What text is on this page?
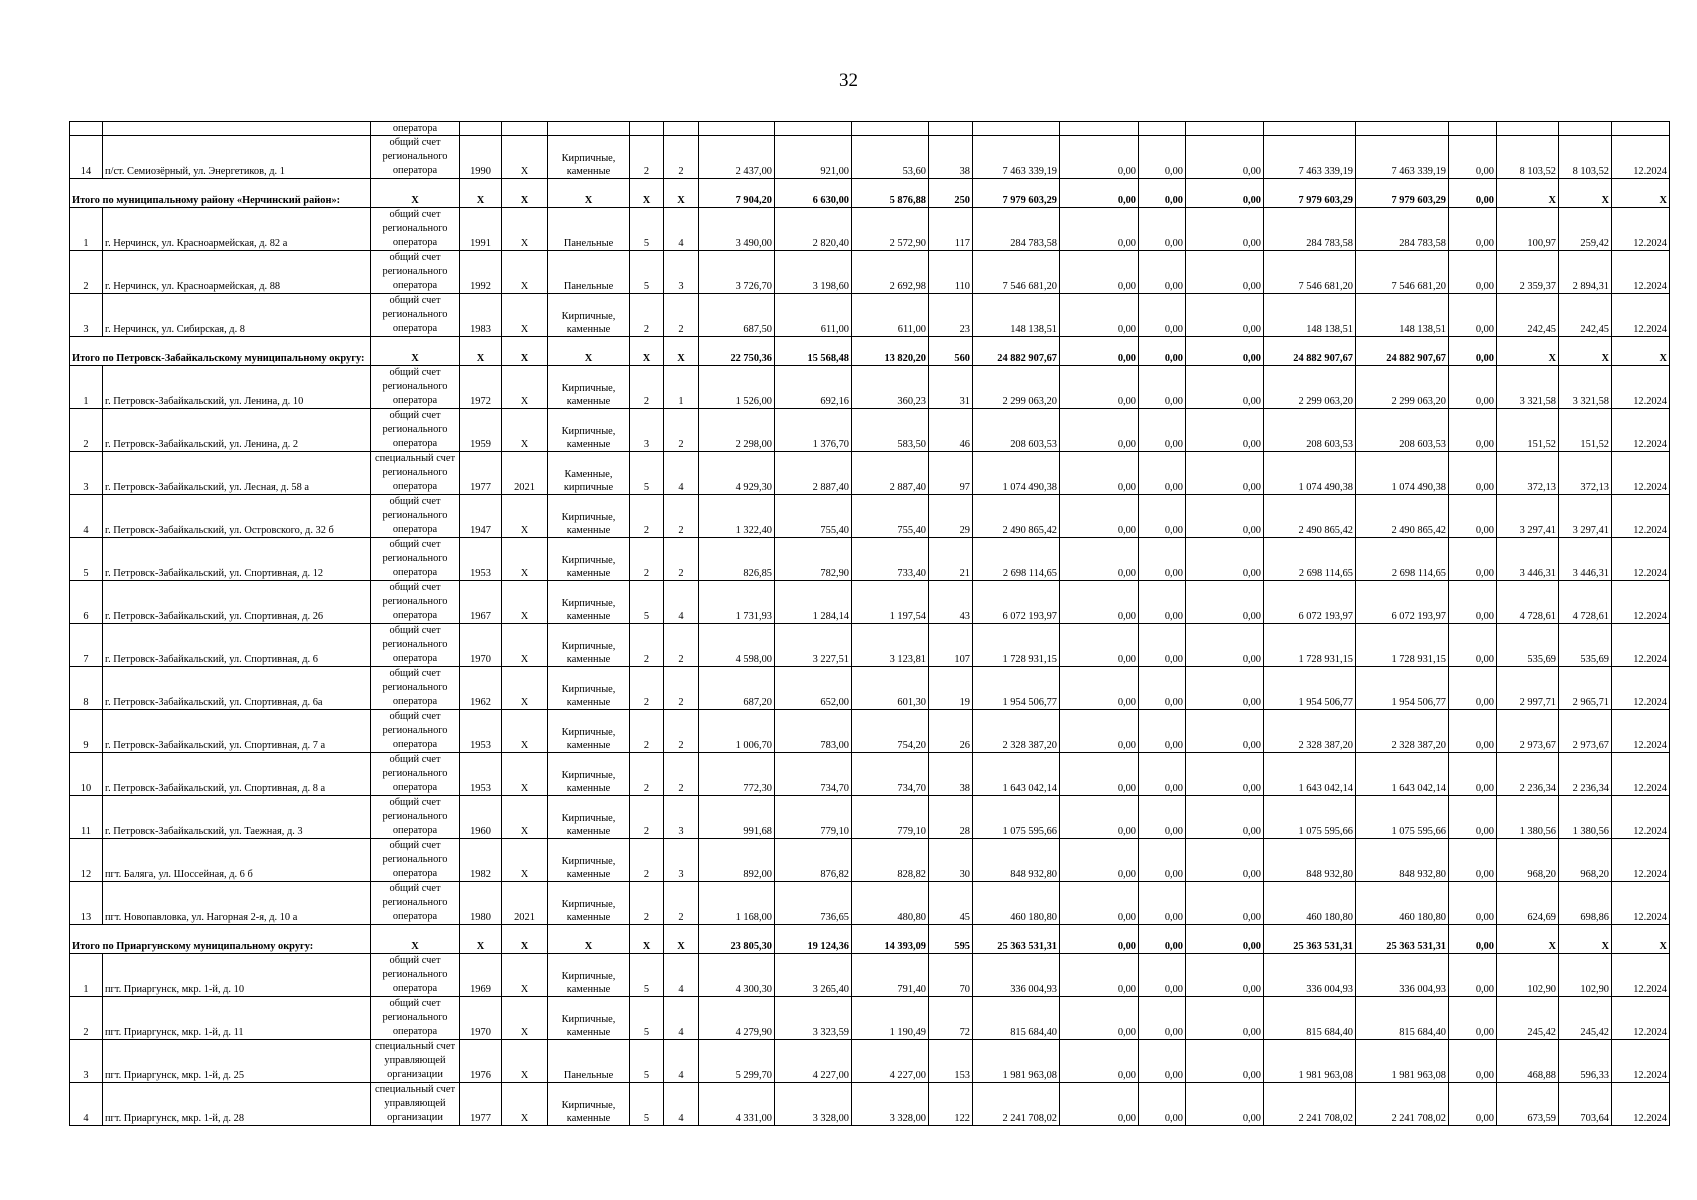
32
		оператора																			
14	п/ст. Семиозёрный, ул. Энергетиков, д. 1	общий счет регионального оператора	1990	Х	Кирпичные, каменные	2	2	2 437,00	921,00	53,60	38	7 463 339,19	0,00	0,00	0,00	7 463 339,19	7 463 339,19	0,00	8 103,52	8 103,52	12.2024
Итого по муниципальному району «Нерчинский район»:		Х	Х	Х	Х	Х	Х	7 904,20	6 630,00	5 876,88	250	7 979 603,29	0,00	0,00	0,00	7 979 603,29	7 979 603,29	0,00	Х	Х	Х
1	г. Нерчинск, ул. Красноармейская, д. 82 а	общий счет регионального оператора	1991	Х	Панельные	5	4	3 490,00	2 820,40	2 572,90	117	284 783,58	0,00	0,00	0,00	284 783,58	284 783,58	0,00	100,97	259,42	12.2024
2	г. Нерчинск, ул. Красноармейская, д. 88	общий счет регионального оператора	1992	Х	Панельные	5	3	3 726,70	3 198,60	2 692,98	110	7 546 681,20	0,00	0,00	0,00	7 546 681,20	7 546 681,20	0,00	2 359,37	2 894,31	12.2024
3	г. Нерчинск, ул. Сибирская, д. 8	общий счет регионального оператора	1983	Х	Кирпичные, каменные	2	2	687,50	611,00	611,00	23	148 138,51	0,00	0,00	0,00	148 138,51	148 138,51	0,00	242,45	242,45	12.2024
Итого по Петровск-Забайкальскому муниципальному округу:		Х	Х	Х	Х	Х	Х	22 750,36	15 568,48	13 820,20	560	24 882 907,67	0,00	0,00	0,00	24 882 907,67	24 882 907,67	0,00	Х	Х	Х
1	г. Петровск-Забайкальский, ул. Ленина, д. 10	общий счет регионального оператора	1972	Х	Кирпичные, каменные	2	1	1 526,00	692,16	360,23	31	2 299 063,20	0,00	0,00	0,00	2 299 063,20	2 299 063,20	0,00	3 321,58	3 321,58	12.2024
2	г. Петровск-Забайкальский, ул. Ленина, д. 2	общий счет регионального оператора	1959	Х	Кирпичные, каменные	3	2	2 298,00	1 376,70	583,50	46	208 603,53	0,00	0,00	0,00	208 603,53	208 603,53	0,00	151,52	151,52	12.2024
3	г. Петровск-Забайкальский, ул. Лесная, д. 58 а	специальный счет регионального оператора	1977	2021	Каменные, кирпичные	5	4	4 929,30	2 887,40	2 887,40	97	1 074 490,38	0,00	0,00	0,00	1 074 490,38	1 074 490,38	0,00	372,13	372,13	12.2024
4	г. Петровск-Забайкальский, ул. Островского, д. 32 б	общий счет регионального оператора	1947	Х	Кирпичные, каменные	2	2	1 322,40	755,40	755,40	29	2 490 865,42	0,00	0,00	0,00	2 490 865,42	2 490 865,42	0,00	3 297,41	3 297,41	12.2024
5	г. Петровск-Забайкальский, ул. Спортивная, д. 12	общий счет регионального оператора	1953	Х	Кирпичные, каменные	2	2	826,85	782,90	733,40	21	2 698 114,65	0,00	0,00	0,00	2 698 114,65	2 698 114,65	0,00	3 446,31	3 446,31	12.2024
6	г. Петровск-Забайкальский, ул. Спортивная, д. 26	общий счет регионального оператора	1967	Х	Кирпичные, каменные	5	4	1 731,93	1 284,14	1 197,54	43	6 072 193,97	0,00	0,00	0,00	6 072 193,97	6 072 193,97	0,00	4 728,61	4 728,61	12.2024
7	г. Петровск-Забайкальский, ул. Спортивная, д. 6	общий счет регионального оператора	1970	Х	Кирпичные, каменные	2	2	4 598,00	3 227,51	3 123,81	107	1 728 931,15	0,00	0,00	0,00	1 728 931,15	1 728 931,15	0,00	535,69	535,69	12.2024
8	г. Петровск-Забайкальский, ул. Спортивная, д. 6а	общий счет регионального оператора	1962	Х	Кирпичные, каменные	2	2	687,20	652,00	601,30	19	1 954 506,77	0,00	0,00	0,00	1 954 506,77	1 954 506,77	0,00	2 997,71	2 965,71	12.2024
9	г. Петровск-Забайкальский, ул. Спортивная, д. 7 а	общий счет регионального оператора	1953	Х	Кирпичные, каменные	2	2	1 006,70	783,00	754,20	26	2 328 387,20	0,00	0,00	0,00	2 328 387,20	2 328 387,20	0,00	2 973,67	2 973,67	12.2024
10	г. Петровск-Забайкальский, ул. Спортивная, д. 8 а	общий счет регионального оператора	1953	Х	Кирпичные, каменные	2	2	772,30	734,70	734,70	38	1 643 042,14	0,00	0,00	0,00	1 643 042,14	1 643 042,14	0,00	2 236,34	2 236,34	12.2024
11	г. Петровск-Забайкальский, ул. Таежная, д. 3	общий счет регионального оператора	1960	Х	Кирпичные, каменные	2	3	991,68	779,10	779,10	28	1 075 595,66	0,00	0,00	0,00	1 075 595,66	1 075 595,66	0,00	1 380,56	1 380,56	12.2024
12	пгт. Балягa, ул. Шоссейная, д. 6 б	общий счет регионального оператора	1982	Х	Кирпичные, каменные	2	3	892,00	876,82	828,82	30	848 932,80	0,00	0,00	0,00	848 932,80	848 932,80	0,00	968,20	968,20	12.2024
13	пгт. Новопавловка, ул. Нагорная 2-я, д. 10 а	общий счет регионального оператора	1980	2021	Кирпичные, каменные	2	2	1 168,00	736,65	480,80	45	460 180,80	0,00	0,00	0,00	460 180,80	460 180,80	0,00	624,69	698,86	12.2024
Итого по Приаргунскому муниципальному округу:		Х	Х	Х	Х	Х	Х	23 805,30	19 124,36	14 393,09	595	25 363 531,31	0,00	0,00	0,00	25 363 531,31	25 363 531,31	0,00	Х	Х	Х
1	пгт. Приаргунск, мкр. 1-й, д. 10	общий счет регионального оператора	1969	Х	Кирпичные, каменные	5	4	4 300,30	3 265,40	791,40	70	336 004,93	0,00	0,00	0,00	336 004,93	336 004,93	0,00	102,90	102,90	12.2024
2	пгт. Приаргунск, мкр. 1-й, д. 11	общий счет регионального оператора	1970	Х	Кирпичные, каменные	5	4	4 279,90	3 323,59	1 190,49	72	815 684,40	0,00	0,00	0,00	815 684,40	815 684,40	0,00	245,42	245,42	12.2024
3	пгт. Приаргунск, мкр. 1-й, д. 25	специальный счет управляющей организации	1976	Х	Панельные	5	4	5 299,70	4 227,00	4 227,00	153	1 981 963,08	0,00	0,00	0,00	1 981 963,08	1 981 963,08	0,00	468,88	596,33	12.2024
4	пгт. Приаргунск, мкр. 1-й, д. 28	специальный счет управляющей организации	1977	Х	Кирпичные, каменные	5	4	4 331,00	3 328,00	3 328,00	122	2 241 708,02	0,00	0,00	0,00	2 241 708,02	2 241 708,02	0,00	673,59	703,64	12.2024
